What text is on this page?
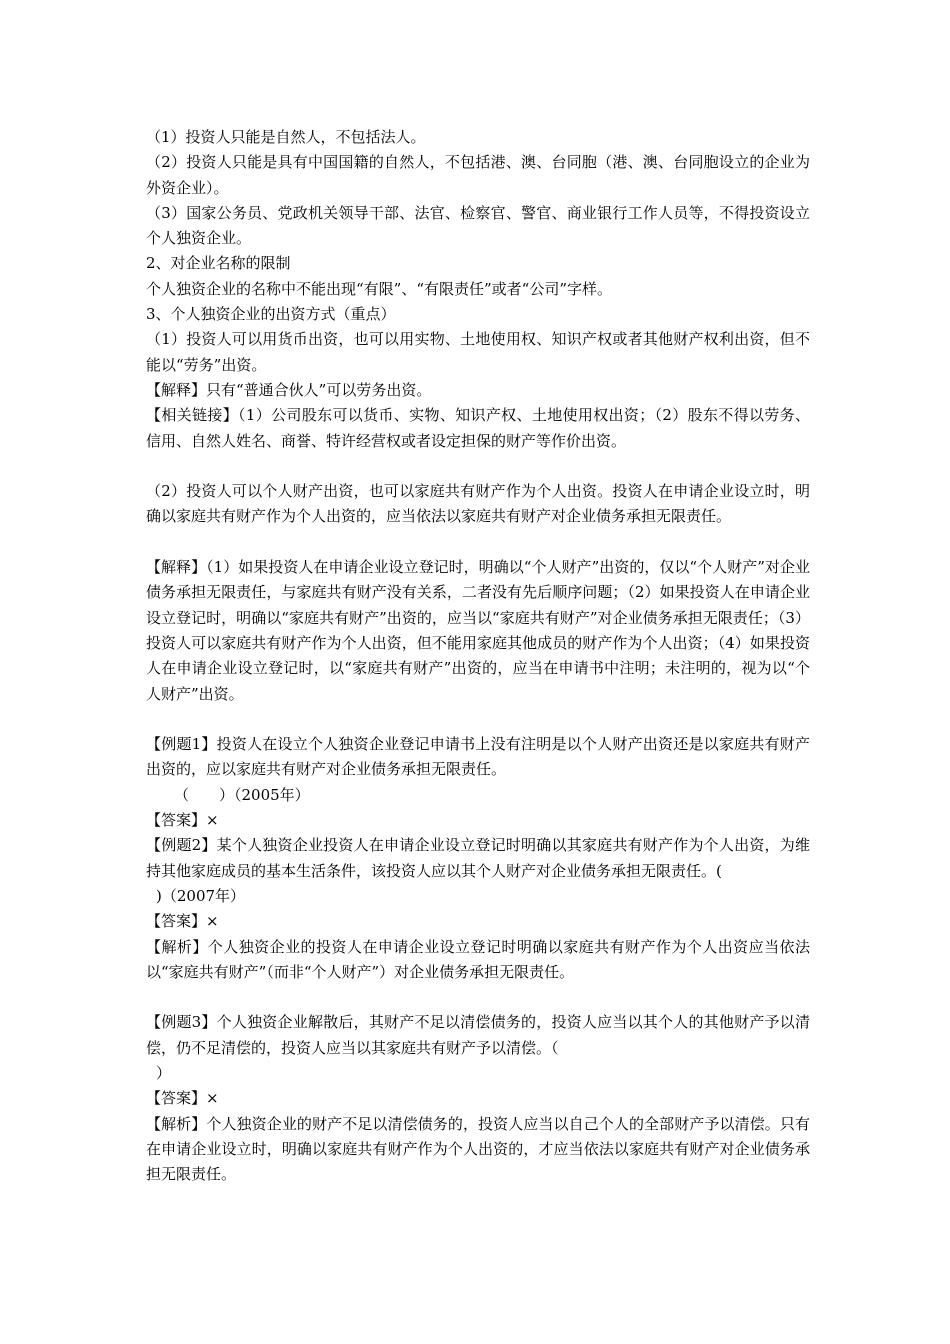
（1）投资人只能是自然人，不包括法人。
（2）投资人只能是具有中国国籍的自然人，不包括港、澳、台同胞（港、澳、台同胞设立的企业为外资企业）。
（3）国家公务员、党政机关领导干部、法官、检察官、警官、商业银行工作人员等，不得投资设立个人独资企业。
2、对企业名称的限制
个人独资企业的名称中不能出现“有限”、“有限责任”或者“公司”字样。
3、个人独资企业的出资方式（重点）
（1）投资人可以用货币出资，也可以用实物、土地使用权、知识产权或者其他财产权利出资，但不能以“劳务”出资。
【解释】只有“普通合伙人”可以劳务出资。
【相关链接】（1）公司股东可以货币、实物、知识产权、土地使用权出资；（2）股东不得以劳务、信用、自然人姓名、商誉、特许经营权或者设定担保的财产等作价出资。
（2）投资人可以个人财产出资，也可以家庭共有财产作为个人出资。投资人在申请企业设立时，明确以家庭共有财产作为个人出资的，应当依法以家庭共有财产对企业债务承担无限责任。
【解释】（1）如果投资人在申请企业设立登记时，明确以“个人财产”出资的，仅以“个人财产”对企业债务承担无限责任，与家庭共有财产没有关系，二者没有先后顺序问题；（2）如果投资人在申请企业设立登记时，明确以“家庭共有财产”出资的，应当以“家庭共有财产”对企业债务承担无限责任；（3）投资人可以家庭共有财产作为个人出资，但不能用家庭其他成员的财产作为个人出资；（4）如果投资人在申请企业设立登记时，以“家庭共有财产”出资的，应当在申请书中注明；未注明的，视为以“个人财产”出资。
【例题1】投资人在设立个人独资企业登记申请书上没有注明是以个人财产出资还是以家庭共有财产出资的，应以家庭共有财产对企业债务承担无限责任。
（　　）（2005年）
【答案】×
【例题2】某个人独资企业投资人在申请企业设立登记时明确以其家庭共有财产作为个人出资，为维持其他家庭成员的基本生活条件，该投资人应以其个人财产对企业债务承担无限责任。(
)（2007年）
【答案】×
【解析】个人独资企业的投资人在申请企业设立登记时明确以家庭共有财产作为个人出资应当依法以“家庭共有财产”（而非“个人财产”）对企业债务承担无限责任。
【例题3】个人独资企业解散后，其财产不足以清偿债务的，投资人应当以其个人的其他财产予以清偿，仍不足清偿的，投资人应当以其家庭共有财产予以清偿。（
）
【答案】×
【解析】个人独资企业的财产不足以清偿债务的，投资人应当以自己个人的全部财产予以清偿。只有在申请企业设立时，明确以家庭共有财产作为个人出资的，才应当依法以家庭共有财产对企业债务承担无限责任。
